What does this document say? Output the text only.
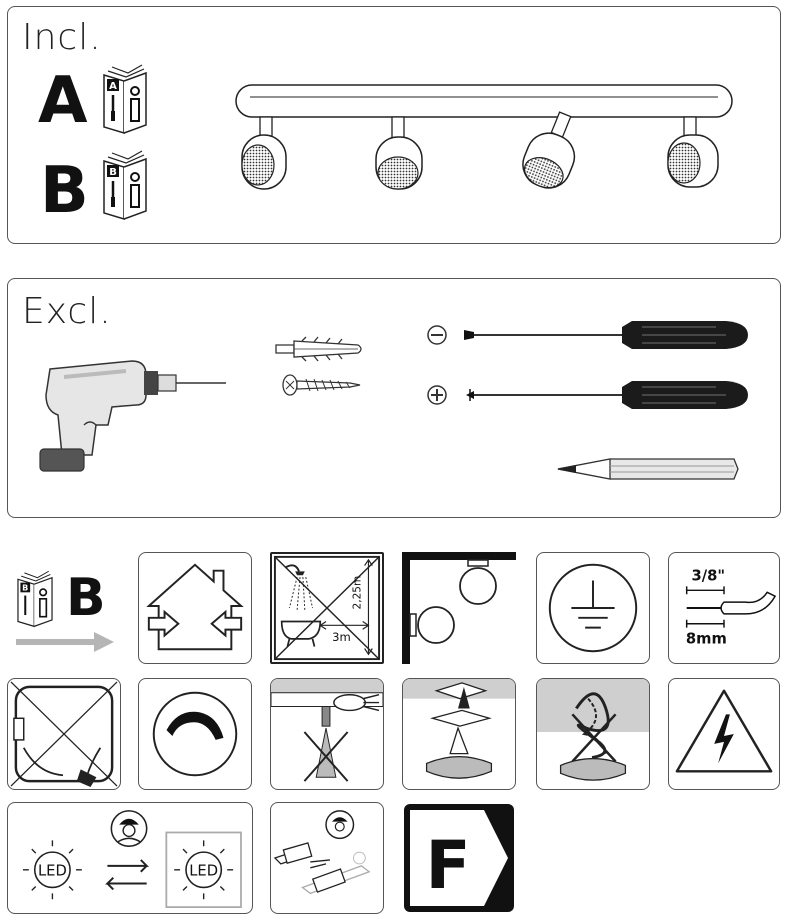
Incl.
A A
B B
Excl.
B B	2,25m
3m
3/8"
8mm
LED	LED	F
